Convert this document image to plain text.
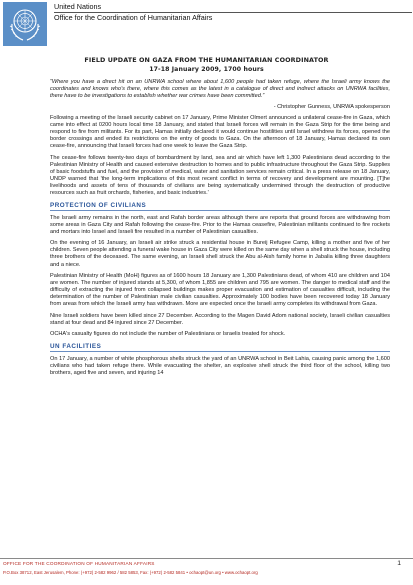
United Nations
Office for the Coordination of Humanitarian Affairs
FIELD UPDATE ON GAZA FROM THE HUMANITARIAN COORDINATOR
17-18 January 2009, 1700 hours

“Where you have a direct hit on an UNRWA school where about 1,600 people had taken refuge, where the Israeli army knows the coordinates and knows who’s there, where this comes as the latest in a catalogue of direct and indirect attacks on UNRWA facilities, there have to be investigations to establish whether war crimes have been committed.”

- Christopher Gunness, UNRWA spokesperson

Following a meeting of the Israeli security cabinet on 17 January, Prime Minister Olmert announced a unilateral cease-fire in Gaza, which came into effect at 0200 hours local time 18 January, and stated that Israeli forces will remain in the Gaza Strip for the time being and respond to fire from militants. For its part, Hamas initially declared it would continue hostilities until Israel withdrew its forces, opened the border crossings and ended its restrictions on the entry of goods to Gaza. On the afternoon of 18 January, Hamas declared its own cease-fire, announcing that Israeli forces had one week to leave the Gaza Strip.

The cease-fire follows twenty-two days of bombardment by land, sea and air which have left 1,300 Palestinians dead according to the Palestinian Ministry of Health and caused extensive destruction to homes and to public infrastructure throughout the Gaza Strip. Supplies of basic foodstuffs and fuel, and the provision of medical, water and sanitation services remain critical. In a press release on 18 January, UNDP warned that 'the long-term implications of this most recent conflict in terms of recovery and development are mounting. [T]he livelihoods and assets of tens of thousands of civilians are being systematically undermined through the destruction of productive resources such as fruit orchards, fisheries, and basic industries.'

PROTECTION OF CIVILIANS

The Israeli army remains in the north, east and Rafah border areas although there are reports that ground forces are withdrawing from some areas in Gaza City and Rafah following the cease-fire. Prior to the Hamas ceasefire, Palestinian militants continued to fire rockets and mortars into Israel and Israeli fire resulted in a number of Palestinian casualties.

On the evening of 16 January, an Israeli air strike struck a residential house in Bureij Refugee Camp, killing a mother and five of her children. Seven people attending a funeral wake house in Gaza City were killed on the same day when a shell struck the house, including three brothers of the deceased. The same evening, an Israeli shell struck the Abu al-Aish family home in Jabalia killing three daughters and a niece.

Palestinian Ministry of Health (MoH) figures as of 1600 hours 18 January are 1,300 Palestinians dead, of whom 410 are children and 104 are women. The number of injured stands at 5,300, of whom 1,855 are children and 795 are women. The danger to medical staff and the difficulty of extracting the injured from collapsed buildings makes proper evacuation and estimation of casualties difficult, including the determination of the number of Palestinian male civilian casualties. Approximately 100 bodies have been recovered today 18 January from areas from which the Israeli army has withdrawn. More are expected once the Israeli army completes its withdrawal from Gaza.

Nine Israeli soldiers have been killed since 27 December. According to the Magen David Adom national society, Israeli civilian casualties stand at four dead and 84 injured since 27 December.

OCHA's casualty figures do not include the number of Palestinians or Israelis treated for shock.

UN FACILITIES

On 17 January, a number of white phosphorous shells struck the yard of an UNRWA school in Beit Lahia, causing panic among the 1,600 civilians who had taken refuge there. While evacuating the shelter, an explosive shell struck the third floor of the school, killing two brothers, aged five and seven, and injuring 14

OFFICE FOR THE COORDINATION OF HUMANITARIAN AFFAIRS
P.O.Box 38712, East Jerusalem, Phone: (+972) 2-582 9962 / 582 5853, Fax: (+972) 2-582 5841 • ochaopt@un.org • www.ochaopt.org
1
